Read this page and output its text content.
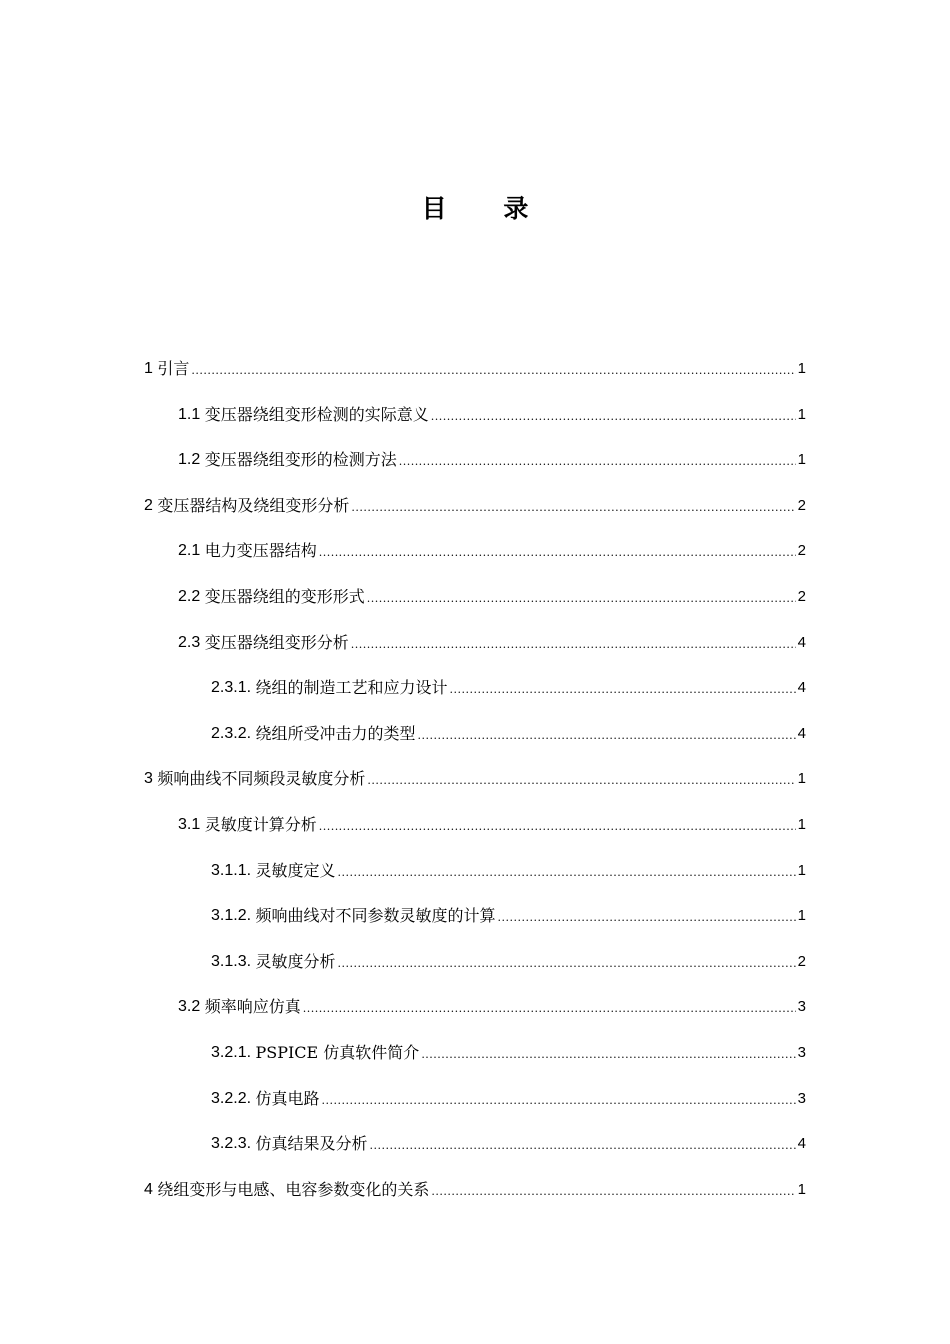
目 录
1 引言 .....	1
1.1 变压器绕组变形检测的实际意义 .....	1
1.2 变压器绕组变形的检测方法 .....	1
2 变压器结构及绕组变形分析 .....	2
2.1 电力变压器结构 .....	2
2.2 变压器绕组的变形形式 .....	2
2.3 变压器绕组变形分析 .....	4
2.3.1. 绕组的制造工艺和应力设计 .....	4
2.3.2. 绕组所受冲击力的类型 .....	4
3 频响曲线不同频段灵敏度分析 .....	1
3.1 灵敏度计算分析 .....	1
3.1.1. 灵敏度定义 .....	1
3.1.2. 频响曲线对不同参数灵敏度的计算 .....	1
3.1.3. 灵敏度分析 .....	2
3.2 频率响应仿真 .....	3
3.2.1. PSPICE 仿真软件简介 .....	3
3.2.2. 仿真电路 .....	3
3.2.3. 仿真结果及分析 .....	4
4 绕组变形与电感、电容参数变化的关系 .....	1
